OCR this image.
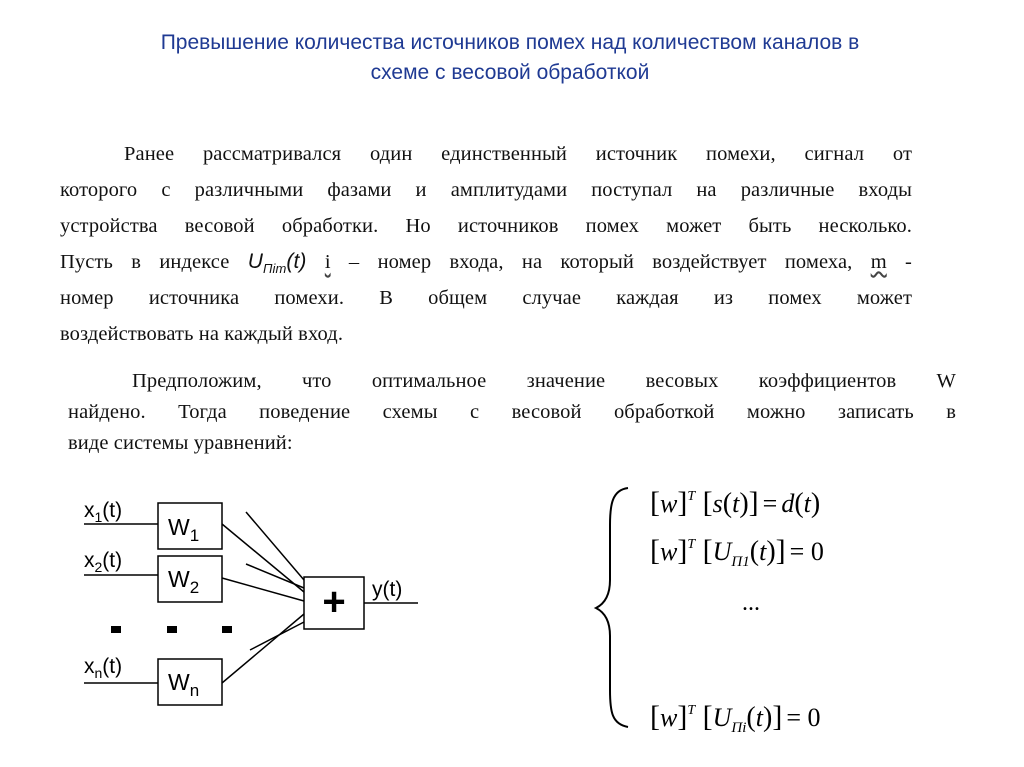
Превышение количества источников помех над количеством каналов в
схеме с весовой обработкой
Ранее рассматривался один единственный источник помехи, сигнал от
которого с различными фазами и амплитудами поступал на различные входы
устройства весовой обработки. Но источников помех может быть несколько.
Пусть в индексе $U_{Пim}(t)$ i – номер входа, на который воздействует помеха, m -
номер источника помехи. В общем случае каждая из помех может
воздействовать на каждый вход.
Предположим, что оптимальное значение весовых коэффициентов W
найдено. Тогда поведение схемы с весовой обработкой можно записать в
виде системы уравнений:
$x_1(t)$
$x_2(t)$
$x_n(t)$
$W_1$
$W_2$
$W_n$
+ y(t)
$[w]^T$ [s(t)] = d(t)
$[w]^T$ $[U_{П1}(t)] = 0$
...
$[w]^T$ $[U_{Пi}(t)] = 0$
